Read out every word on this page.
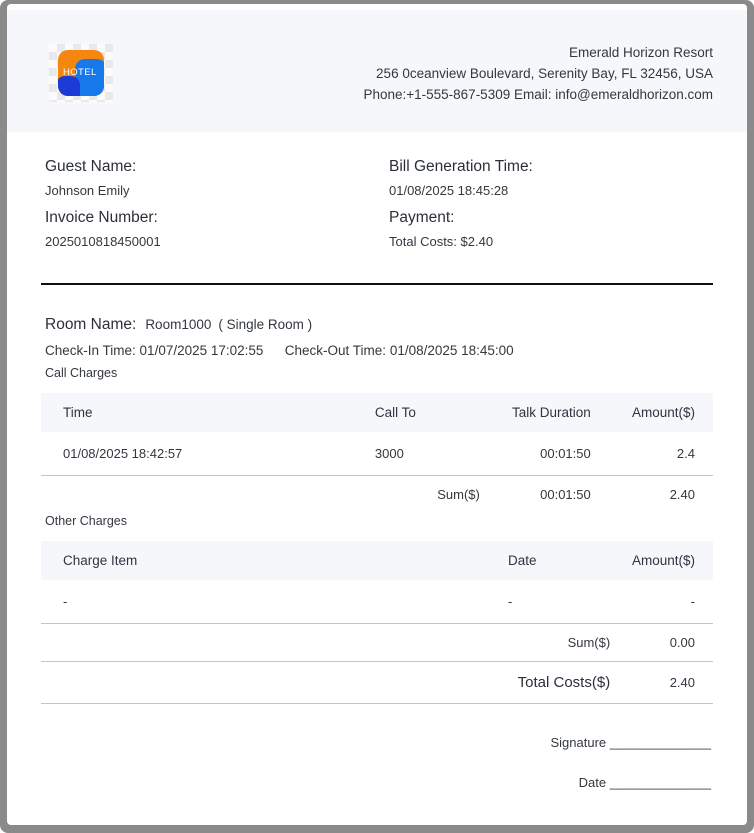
HOTEL
Emerald Horizon Resort
256 0ceanview Boulevard, Serenity Bay, FL 32456, USA
Phone:+1-555-867-5309 Email: info@emeraldhorizon.com
Guest Name:
Johnson Emily
Invoice Number:
2025010818450001
Bill Generation Time:
01/08/2025 18:45:28
Payment:
Total Costs: $2.40
Room Name: Room1000 ( Single Room )
Check-In Time: 01/07/2025 17:02:55 Check-Out Time: 01/08/2025 18:45:00
Call Charges
Time	Call To	Talk Duration	Amount($)
01/08/2025 18:42:57	3000	00:01:50	2.4
	Sum($)	00:01:50	2.40
Other Charges
Charge Item	Date	Amount($)
-	-	-
Sum($)		0.00
Total Costs($)		2.40
Signature ______________
Date ______________
